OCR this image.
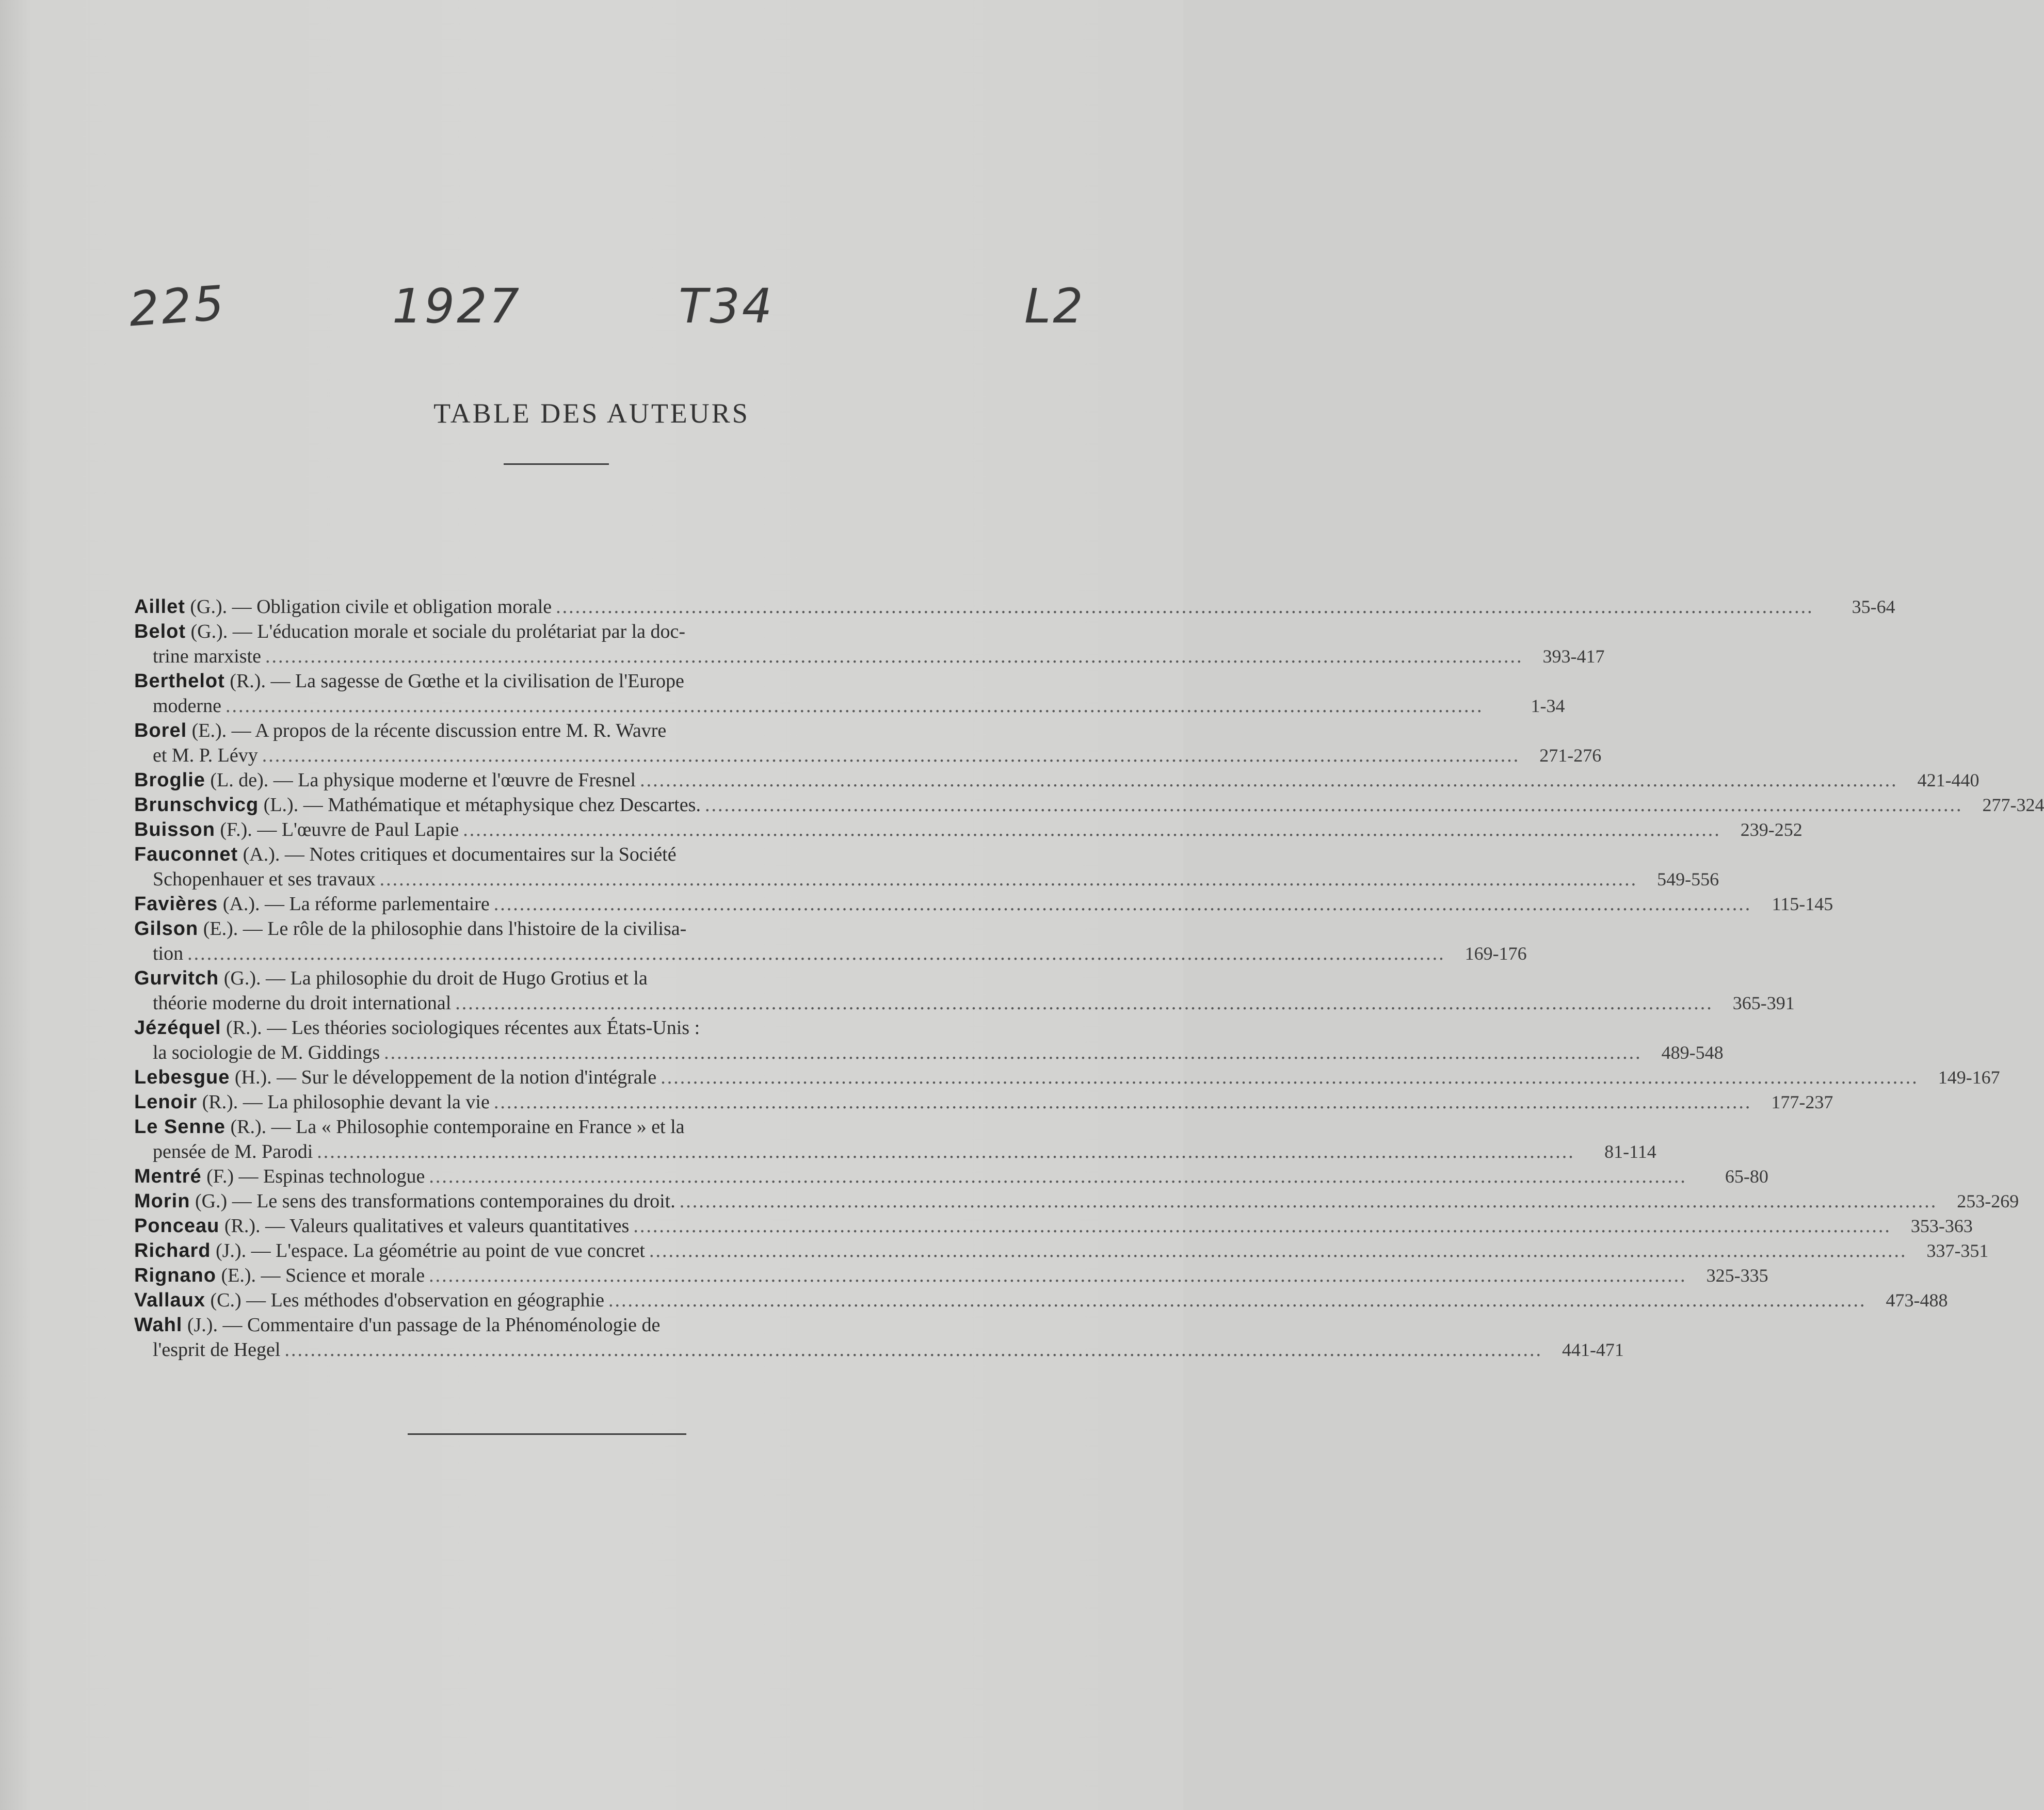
225	1927	T34	L2
TABLE DES AUTEURS
Aillet (G.). — Obligation civile et obligation morale .....	35-64
Belot (G.). — L'éducation morale et sociale du prolétariat par la doc-
trine marxiste .....	393-417
Berthelot (R.). — La sagesse de Gœthe et la civilisation de l'Europe
moderne .....	1-34
Borel (E.). — A propos de la récente discussion entre M. R. Wavre
et M. P. Lévy .....	271-276
Broglie (L. de). — La physique moderne et l'œuvre de Fresnel .....	421-440
Brunschvicg (L.). — Mathématique et métaphysique chez Descartes. .....	277-324
Buisson (F.). — L'œuvre de Paul Lapie .....	239-252
Fauconnet (A.). — Notes critiques et documentaires sur la Société
Schopenhauer et ses travaux .....	549-556
Favières (A.). — La réforme parlementaire .....	115-145
Gilson (E.). — Le rôle de la philosophie dans l'histoire de la civilisa-
tion .....	169-176
Gurvitch (G.). — La philosophie du droit de Hugo Grotius et la
théorie moderne du droit international .....	365-391
Jézéquel (R.). — Les théories sociologiques récentes aux États-Unis :
la sociologie de M. Giddings .....	489-548
Lebesgue (H.). — Sur le développement de la notion d'intégrale .....	149-167
Lenoir (R.). — La philosophie devant la vie .....	177-237
Le Senne (R.). — La « Philosophie contemporaine en France » et la
pensée de M. Parodi .....	81-114
Mentré (F.) — Espinas technologue .....	65-80
Morin (G.) — Le sens des transformations contemporaines du droit. .....	253-269
Ponceau (R.). — Valeurs qualitatives et valeurs quantitatives .....	353-363
Richard (J.). — L'espace. La géométrie au point de vue concret .....	337-351
Rignano (E.). — Science et morale .....	325-335
Vallaux (C.) — Les méthodes d'observation en géographie .....	473-488
Wahl (J.). — Commentaire d'un passage de la Phénoménologie de
l'esprit de Hegel .....	441-471
